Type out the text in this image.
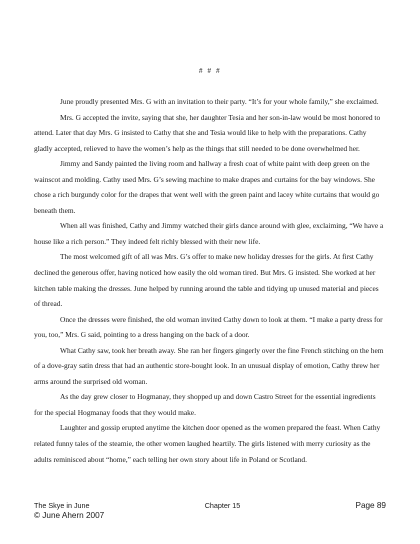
# # #

June proudly presented Mrs. G with an invitation to their party. “It’s for your whole family,” she exclaimed.

Mrs. G accepted the invite, saying that she, her daughter Tesia and her son-in-law would be most honored to attend. Later that day Mrs. G insisted to Cathy that she and Tesia would like to help with the preparations. Cathy gladly accepted, relieved to have the women’s help as the things that still needed to be done overwhelmed her.

Jimmy and Sandy painted the living room and hallway a fresh coat of white paint with deep green on the wainscot and molding. Cathy used Mrs. G’s sewing machine to make drapes and curtains for the bay windows. She chose a rich burgundy color for the drapes that went well with the green paint and lacey white curtains that would go beneath them.

When all was finished, Cathy and Jimmy watched their girls dance around with glee, exclaiming, “We have a house like a rich person.” They indeed felt richly blessed with their new life.

The most welcomed gift of all was Mrs. G’s offer to make new holiday dresses for the girls. At first Cathy declined the generous offer, having noticed how easily the old woman tired. But Mrs. G insisted. She worked at her kitchen table making the dresses. June helped by running around the table and tidying up unused material and pieces of thread.

Once the dresses were finished, the old woman invited Cathy down to look at them. “I make a party dress for you, too,” Mrs. G said, pointing to a dress hanging on the back of a door.

What Cathy saw, took her breath away. She ran her fingers gingerly over the fine French stitching on the hem of a dove-gray satin dress that had an authentic store-bought look. In an unusual display of emotion, Cathy threw her arms around the surprised old woman.

As the day grew closer to Hogmanay, they shopped up and down Castro Street for the essential ingredients for the special Hogmanay foods that they would make.

Laughter and gossip erupted anytime the kitchen door opened as the women prepared the feast. When Cathy related funny tales of the steamie, the other women laughed heartily. The girls listened with merry curiosity as the adults reminisced about “home,” each telling her own story about life in Poland or Scotland.

The Skye in June	Chapter 15	Page 89
© June Ahern 2007
